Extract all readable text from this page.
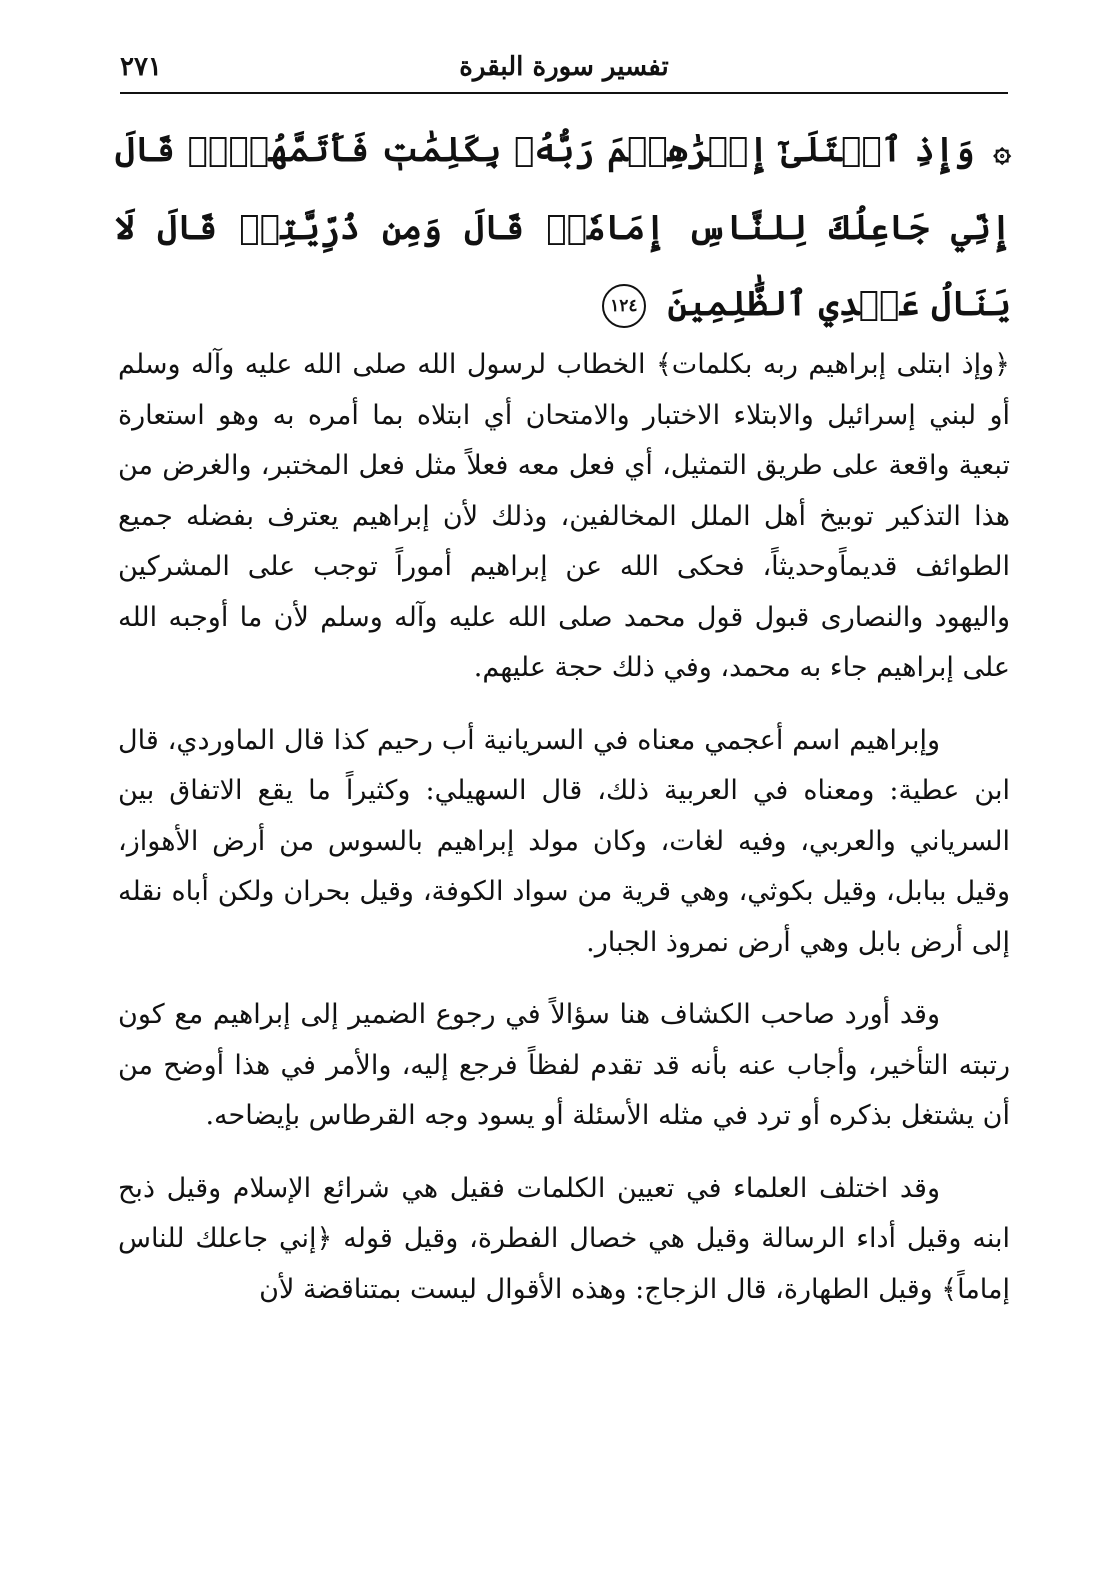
٢٧١	تفسير سورة البقرة
۞ وَإِذِ ٱبۡتَلَىٰٓ إِبۡرَٰهِـۧمَ رَبُّهُۥ بِكَلِمَٰتٖ فَأَتَمَّهُنَّۖ قَالَ إِنِّي جَاعِلُكَ لِلنَّاسِ إِمَامٗاۖ قَالَ وَمِن ذُرِّيَّتِيۖ قَالَ لَا يَنَالُ عَهۡدِي ٱلظَّٰلِمِينَ ١٢٤

﴿وإذ ابتلى إبراهيم ربه بكلمات﴾ الخطاب لرسول الله صلى الله عليه وآله وسلم أو لبني إسرائيل والابتلاء الاختبار والامتحان أي ابتلاه بما أمره به وهو استعارة تبعية واقعة على طريق التمثيل، أي فعل معه فعلاً مثل فعل المختبر، والغرض من هذا التذكير توبيخ أهل الملل المخالفين، وذلك لأن إبراهيم يعترف بفضله جميع الطوائف قديماًوحديثاً، فحكى الله عن إبراهيم أموراً توجب على المشركين واليهود والنصارى قبول قول محمد صلى الله عليه وآله وسلم لأن ما أوجبه الله على إبراهيم جاء به محمد، وفي ذلك حجة عليهم.

وإبراهيم اسم أعجمي معناه في السريانية أب رحيم كذا قال الماوردي، قال ابن عطية: ومعناه في العربية ذلك، قال السهيلي: وكثيراً ما يقع الاتفاق بين السرياني والعربي، وفيه لغات، وكان مولد إبراهيم بالسوس من أرض الأهواز، وقيل ببابل، وقيل بكوثي، وهي قرية من سواد الكوفة، وقيل بحران ولكن أباه نقله إلى أرض بابل وهي أرض نمروذ الجبار.

وقد أورد صاحب الكشاف هنا سؤالاً في رجوع الضمير إلى إبراهيم مع كون رتبته التأخير، وأجاب عنه بأنه قد تقدم لفظاً فرجع إليه، والأمر في هذا أوضح من أن يشتغل بذكره أو ترد في مثله الأسئلة أو يسود وجه القرطاس بإيضاحه.

وقد اختلف العلماء في تعيين الكلمات فقيل هي شرائع الإسلام وقيل ذبح ابنه وقيل أداء الرسالة وقيل هي خصال الفطرة، وقيل قوله ﴿إني جاعلك للناس إماماً﴾ وقيل الطهارة، قال الزجاج: وهذه الأقوال ليست بمتناقضة لأن
